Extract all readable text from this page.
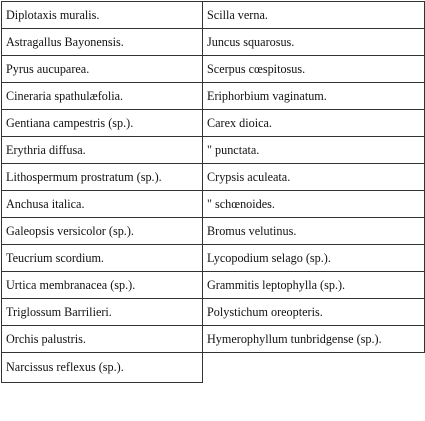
Diplotaxis muralis.	Scilla verna.
Astragallus Bayonensis.	Juncus squarosus.
Pyrus aucuparea.	Scerpus cœspitosus.
Cineraria spathulæfolia.	Eriphorbium vaginatum.
Gentiana campestris (sp.).	Carex dioica.
Erythria diffusa.	" punctata.
Lithospermum prostratum (sp.).	Crypsis aculeata.
Anchusa italica.	" schœnoides.
Galeopsis versicolor (sp.).	Bromus velutinus.
Teucrium scordium.	Lycopodium selago (sp.).
Urtica membranacea (sp.).	Grammitis leptophylla (sp.).
Triglossum Barrilieri.	Polystichum oreopteris.
Orchis palustris.	Hymerophyllum tunbridgense (sp.).
Narcissus reflexus (sp.).	
